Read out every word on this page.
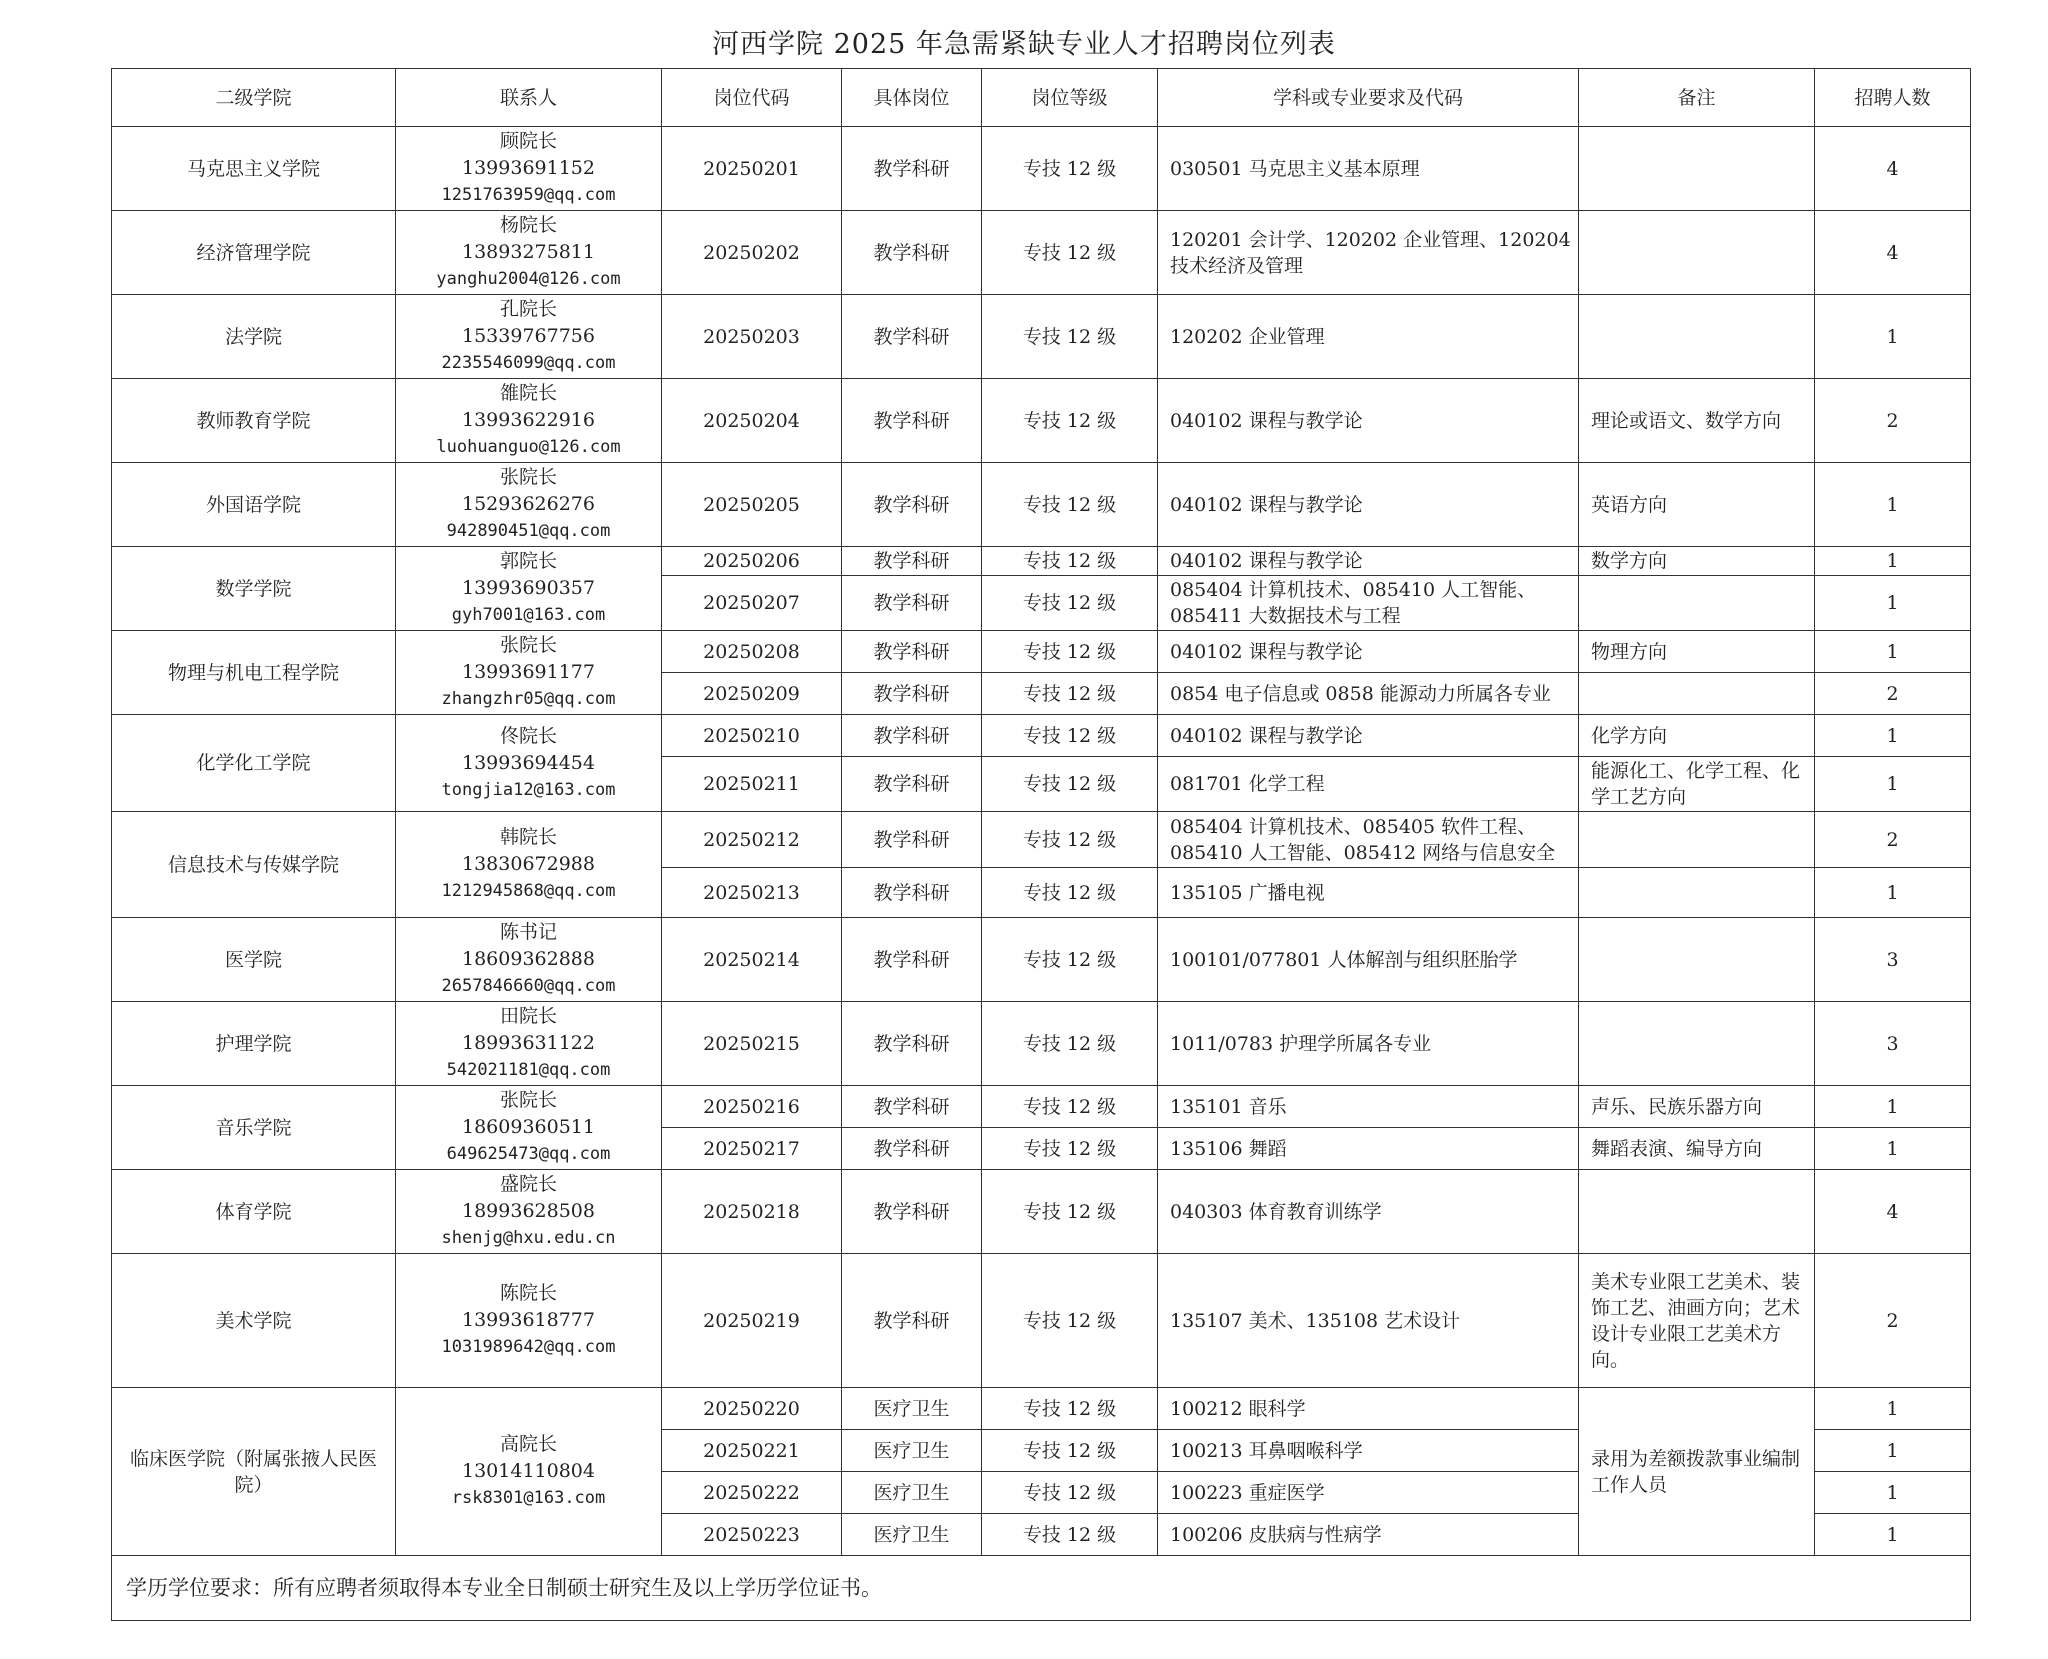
河西学院 2025 年急需紧缺专业人才招聘岗位列表
二级学院	联系人	岗位代码	具体岗位	岗位等级	学科或专业要求及代码	备注	招聘人数
马克思主义学院	顾院长
13993691152
1251763959@qq.com	20250201	教学科研	专技 12 级	030501 马克思主义基本原理		4
经济管理学院	杨院长
13893275811
yanghu2004@126.com	20250202	教学科研	专技 12 级	120201 会计学、120202 企业管理、120204 技术经济及管理		4
法学院	孔院长
15339767756
2235546099@qq.com	20250203	教学科研	专技 12 级	120202 企业管理		1
教师教育学院	雒院长
13993622916
luohuanguo@126.com	20250204	教学科研	专技 12 级	040102 课程与教学论	理论或语文、数学方向	2
外国语学院	张院长
15293626276
942890451@qq.com	20250205	教学科研	专技 12 级	040102 课程与教学论	英语方向	1
数学学院	郭院长
13993690357
gyh7001@163.com	20250206	教学科研	专技 12 级	040102 课程与教学论	数学方向	1
		20250207	教学科研	专技 12 级	085404 计算机技术、085410 人工智能、085411 大数据技术与工程		1
物理与机电工程学院	张院长
13993691177
zhangzhr05@qq.com	20250208	教学科研	专技 12 级	040102 课程与教学论	物理方向	1
		20250209	教学科研	专技 12 级	0854 电子信息或 0858 能源动力所属各专业		2
化学化工学院	佟院长
13993694454
tongjia12@163.com	20250210	教学科研	专技 12 级	040102 课程与教学论	化学方向	1
		20250211	教学科研	专技 12 级	081701 化学工程	能源化工、化学工程、化学工艺方向	1
信息技术与传媒学院	韩院长
13830672988
1212945868@qq.com	20250212	教学科研	专技 12 级	085404 计算机技术、085405 软件工程、085410 人工智能、085412 网络与信息安全		2
		20250213	教学科研	专技 12 级	135105 广播电视		1
医学院	陈书记
18609362888
2657846660@qq.com	20250214	教学科研	专技 12 级	100101/077801 人体解剖与组织胚胎学		3
护理学院	田院长
18993631122
542021181@qq.com	20250215	教学科研	专技 12 级	1011/0783 护理学所属各专业		3
音乐学院	张院长
18609360511
649625473@qq.com	20250216	教学科研	专技 12 级	135101 音乐	声乐、民族乐器方向	1
		20250217	教学科研	专技 12 级	135106 舞蹈	舞蹈表演、编导方向	1
体育学院	盛院长
18993628508
shenjg@hxu.edu.cn	20250218	教学科研	专技 12 级	040303 体育教育训练学		4
美术学院	陈院长
13993618777
1031989642@qq.com	20250219	教学科研	专技 12 级	135107 美术、135108 艺术设计	美术专业限工艺美术、装饰工艺、油画方向；艺术设计专业限工艺美术方向。	2
临床医学院（附属张掖人民医院）	高院长
13014110804
rsk8301@163.com	20250220	医疗卫生	专技 12 级	100212 眼科学	录用为差额拨款事业编制工作人员	1
		20250221	医疗卫生	专技 12 级	100213 耳鼻咽喉科学		1
		20250222	医疗卫生	专技 12 级	100223 重症医学		1
		20250223	医疗卫生	专技 12 级	100206 皮肤病与性病学		1
学历学位要求：所有应聘者须取得本专业全日制硕士研究生及以上学历学位证书。							
